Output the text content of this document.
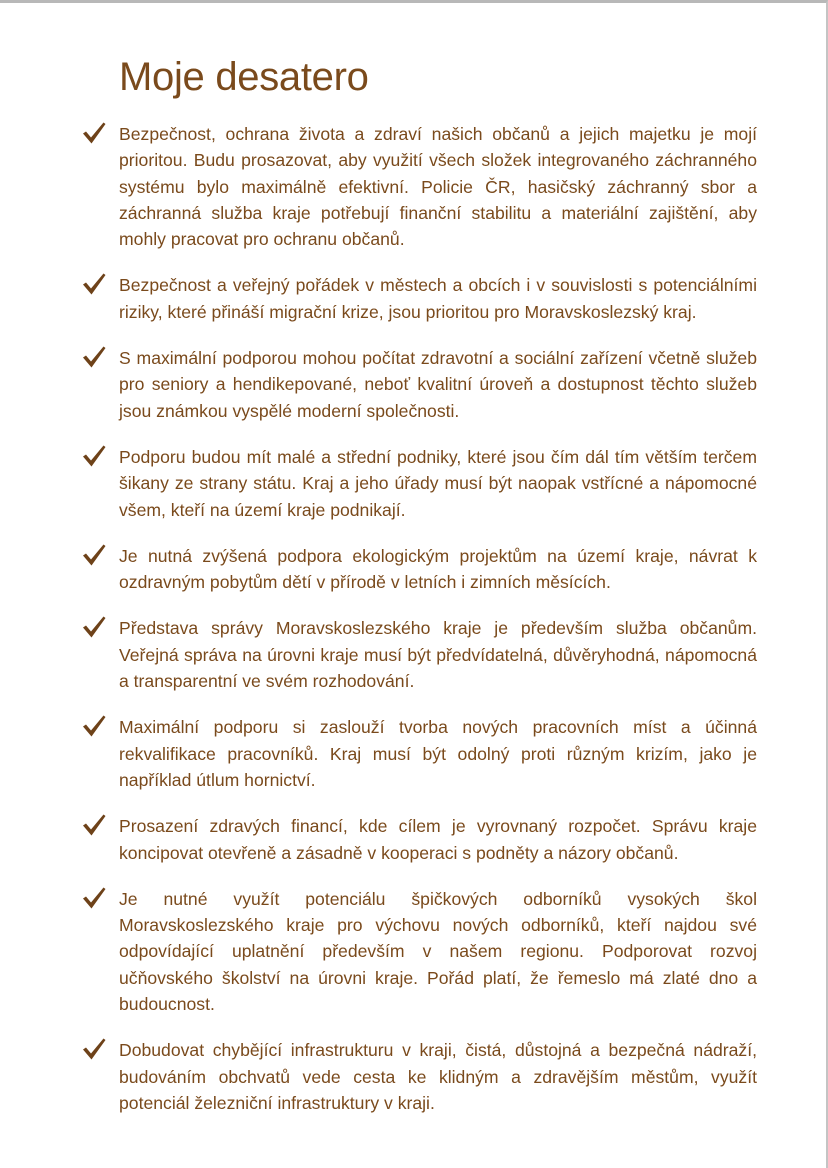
Moje desatero
Bezpečnost, ochrana života a zdraví našich občanů a jejich majetku je mojí prioritou. Budu prosazovat, aby využití všech složek integrovaného záchranného systému bylo maximálně efektivní. Policie ČR, hasičský záchranný sbor a záchranná služba kraje potřebují finanční stabilitu a materiální zajištění, aby mohly pracovat pro ochranu občanů.
Bezpečnost a veřejný pořádek v městech a obcích i v souvislosti s potenciálními riziky, které přináší migrační krize, jsou prioritou pro Moravskoslezský kraj.
S maximální podporou mohou počítat zdravotní a sociální zařízení včetně služeb pro seniory a hendikepované, neboť kvalitní úroveň a dostupnost těchto služeb jsou známkou vyspělé moderní společnosti.
Podporu budou mít malé a střední podniky, které jsou čím dál tím větším terčem šikany ze strany státu. Kraj a jeho úřady musí být naopak vstřícné a nápomocné všem, kteří na území kraje podnikají.
Je nutná zvýšená podpora ekologickým projektům na území kraje, návrat k ozdravným pobytům dětí v přírodě v letních i zimních měsících.
Představa správy Moravskoslezského kraje je především služba občanům. Veřejná správa na úrovni kraje musí být předvídatelná, důvěryhodná, nápomocná a transparentní ve svém rozhodování.
Maximální podporu si zaslouží tvorba nových pracovních míst a účinná rekvalifikace pracovníků. Kraj musí být odolný proti různým krizím, jako je například útlum hornictví.
Prosazení zdravých financí, kde cílem je vyrovnaný rozpočet. Správu kraje koncipovat otevřeně a zásadně v kooperaci s podněty a názory občanů.
Je nutné využít potenciálu špičkových odborníků vysokých škol Moravskoslezského kraje pro výchovu nových odborníků, kteří najdou své odpovídající uplatnění především v našem regionu. Podporovat rozvoj učňovského školství na úrovni kraje. Pořád platí, že řemeslo má zlaté dno a budoucnost.
Dobudovat chybějící infrastrukturu v kraji, čistá, důstojná a bezpečná nádraží, budováním obchvatů vede cesta ke klidným a zdravějším městům, využít potenciál železniční infrastruktury v kraji.
